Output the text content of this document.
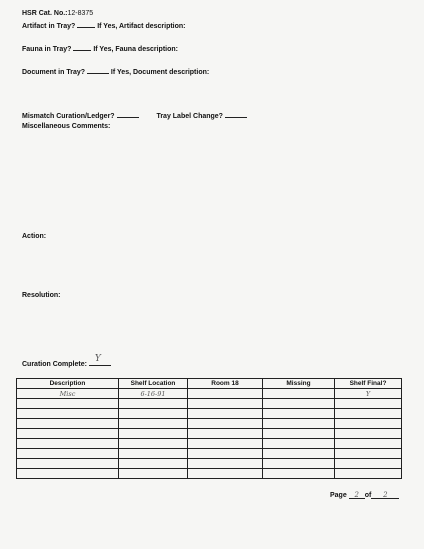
HSR Cat. No.:12-8375
Artifact in Tray?	If Yes, Artifact description:
Fauna in Tray?	If Yes, Fauna description:
Document in Tray?	If Yes, Document description:
Mismatch Curation/Ledger?	Tray Label Change?
Miscellaneous Comments:
Action:
Resolution:
Curation Complete:
Y
Description	Shelf Location	Room 18	Missing	Shelf Final?
Misc	6-16-91			Y

Page 2 of 2
